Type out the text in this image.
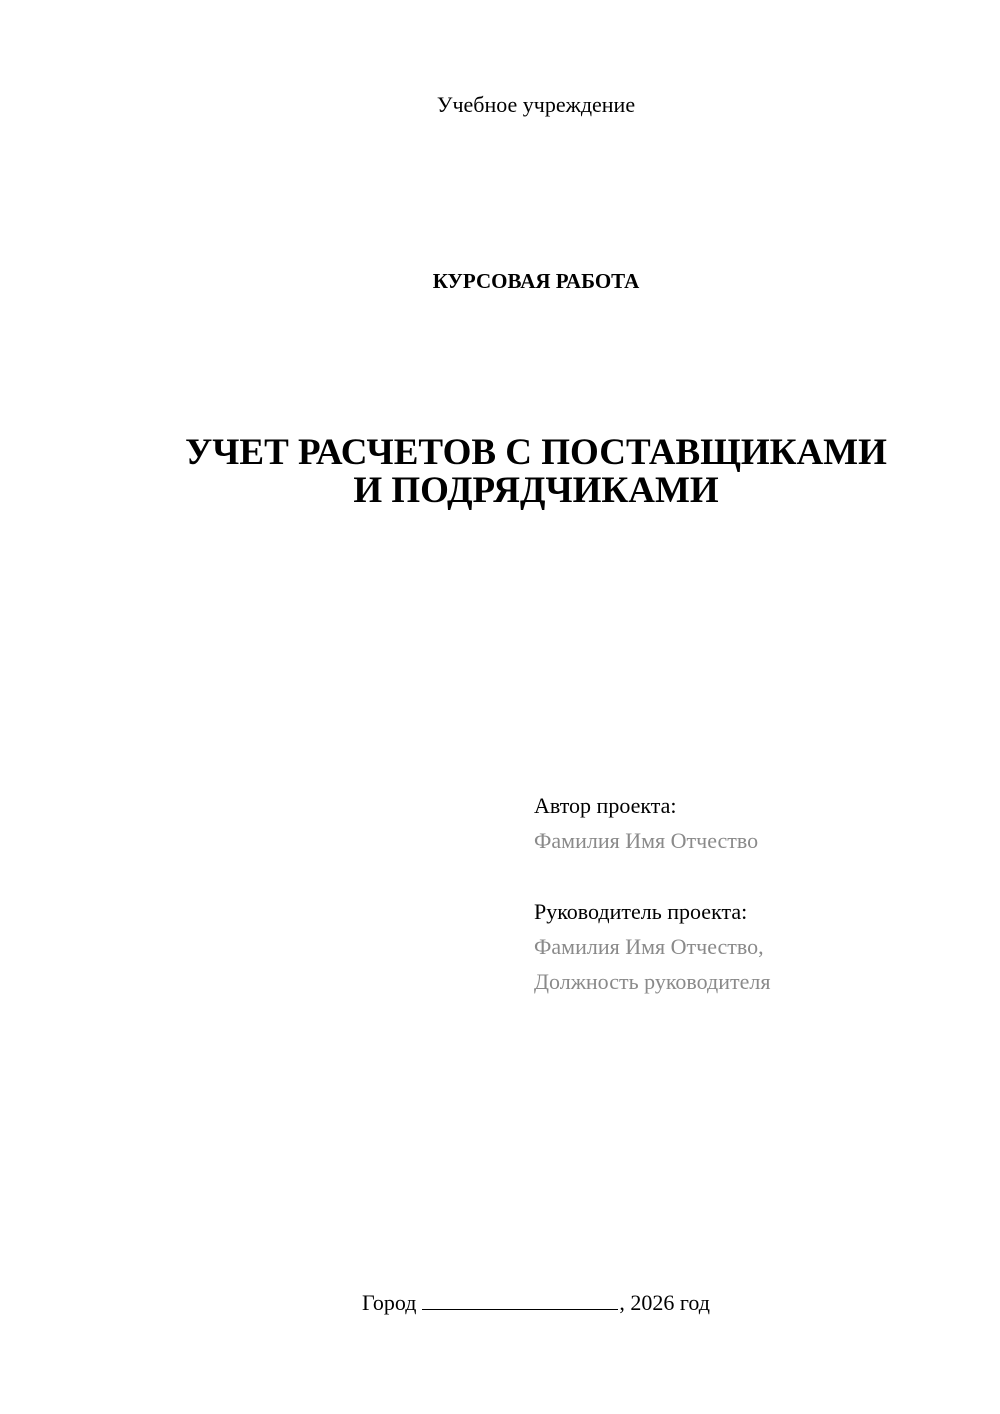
Учебное учреждение
КУРСОВАЯ РАБОТА
УЧЕТ РАСЧЕТОВ С ПОСТАВЩИКАМИ
И ПОДРЯДЧИКАМИ
Автор проекта:
Фамилия Имя Отчество
Руководитель проекта:
Фамилия Имя Отчество,
Должность руководителя
Город	, 2026 год
